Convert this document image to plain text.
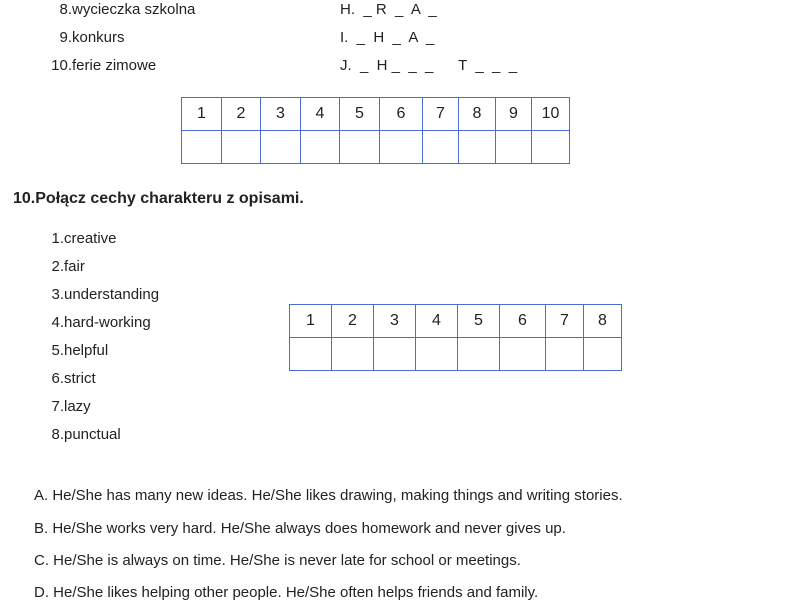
8.wycieczka szkolna
9.konkurs
10.ferie zimowe
H.  _ R  _  A  _
I.  _  H  _  A  _
J.  _  H _  _  _      T  _  _  _
1	2	3	4	5	6	7	8	9	10

10.Połącz cechy charakteru z opisami.
1.creative
2.fair
3.understanding
4.hard-working
5.helpful
6.strict
7.lazy
8.punctual
1	2	3	4	5	6	7	8

A. He/She has many new ideas. He/She likes drawing, making things and writing stories.
B. He/She works very hard. He/She always does homework and never gives up.
C. He/She is always on time. He/She is never late for school or meetings.
D. He/She likes helping other people. He/She often helps friends and family.
